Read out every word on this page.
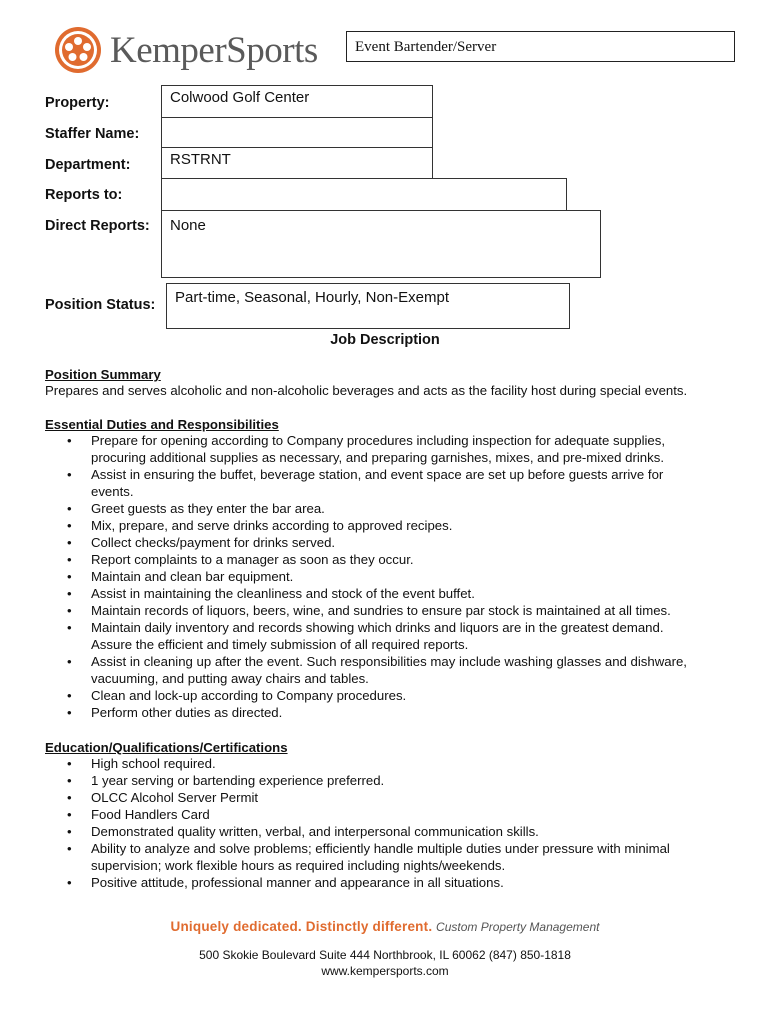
KemperSports	Event Bartender/Server
Property:	Colwood Golf Center
Staffer Name:
Department:	RSTRNT
Reports to:
Direct Reports:	None
Position Status:	Part-time, Seasonal, Hourly, Non-Exempt
Job Description
Position Summary
Prepares and serves alcoholic and non-alcoholic beverages and acts as the facility host during special events.
Essential Duties and Responsibilities
• Prepare for opening according to Company procedures including inspection for adequate supplies,
procuring additional supplies as necessary, and preparing garnishes, mixes, and pre-mixed drinks.
• Assist in ensuring the buffet, beverage station, and event space are set up before guests arrive for
events.
• Greet guests as they enter the bar area.
• Mix, prepare, and serve drinks according to approved recipes.
• Collect checks/payment for drinks served.
• Report complaints to a manager as soon as they occur.
• Maintain and clean bar equipment.
• Assist in maintaining the cleanliness and stock of the event buffet.
• Maintain records of liquors, beers, wine, and sundries to ensure par stock is maintained at all times.
• Maintain daily inventory and records showing which drinks and liquors are in the greatest demand.
Assure the efficient and timely submission of all required reports.
• Assist in cleaning up after the event. Such responsibilities may include washing glasses and dishware,
vacuuming, and putting away chairs and tables.
• Clean and lock-up according to Company procedures.
• Perform other duties as directed.
Education/Qualifications/Certifications
• High school required.
• 1 year serving or bartending experience preferred.
• OLCC Alcohol Server Permit
• Food Handlers Card
• Demonstrated quality written, verbal, and interpersonal communication skills.
• Ability to analyze and solve problems; efficiently handle multiple duties under pressure with minimal
supervision; work flexible hours as required including nights/weekends.
• Positive attitude, professional manner and appearance in all situations.
Uniquely dedicated. Distinctly different. Custom Property Management
500 Skokie Boulevard Suite 444 Northbrook, IL 60062 (847) 850-1818
www.kempersports.com
